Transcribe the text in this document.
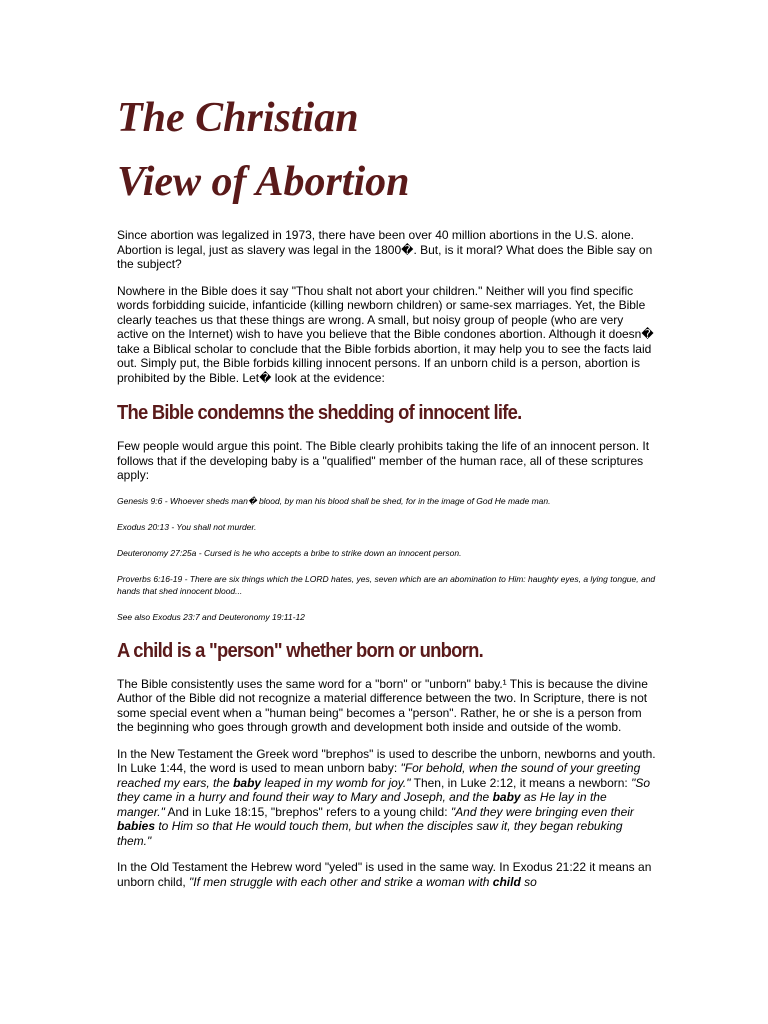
The Christian
View of Abortion

Since abortion was legalized in 1973, there have been over 40 million abortions in the U.S. alone. Abortion is legal, just as slavery was legal in the 1800�. But, is it moral? What does the Bible say on the subject?

Nowhere in the Bible does it say "Thou shalt not abort your children." Neither will you find specific words forbidding suicide, infanticide (killing newborn children) or same-sex marriages. Yet, the Bible clearly teaches us that these things are wrong. A small, but noisy group of people (who are very active on the Internet) wish to have you believe that the Bible condones abortion. Although it doesn� take a Biblical scholar to conclude that the Bible forbids abortion, it may help you to see the facts laid out. Simply put, the Bible forbids killing innocent persons. If an unborn child is a person, abortion is prohibited by the Bible. Let� look at the evidence:

The Bible condemns the shedding of innocent life.

Few people would argue this point. The Bible clearly prohibits taking the life of an innocent person. It follows that if the developing baby is a "qualified" member of the human race, all of these scriptures apply:

Genesis 9:6 - Whoever sheds man� blood, by man his blood shall be shed, for in the image of God He made man.

Exodus 20:13 - You shall not murder.

Deuteronomy 27:25a - Cursed is he who accepts a bribe to strike down an innocent person.

Proverbs 6:16-19 - There are six things which the LORD hates, yes, seven which are an abomination to Him: haughty eyes, a lying tongue, and hands that shed innocent blood...

See also Exodus 23:7 and Deuteronomy 19:11-12

A child is a "person" whether born or unborn.

The Bible consistently uses the same word for a "born" or "unborn" baby.¹ This is because the divine Author of the Bible did not recognize a material difference between the two. In Scripture, there is not some special event when a "human being" becomes a "person". Rather, he or she is a person from the beginning who goes through growth and development both inside and outside of the womb.

In the New Testament the Greek word "brephos" is used to describe the unborn, newborns and youth. In Luke 1:44, the word is used to mean unborn baby: "For behold, when the sound of your greeting reached my ears, the baby leaped in my womb for joy." Then, in Luke 2:12, it means a newborn: "So they came in a hurry and found their way to Mary and Joseph, and the baby as He lay in the manger." And in Luke 18:15, "brephos" refers to a young child: "And they were bringing even their babies to Him so that He would touch them, but when the disciples saw it, they began rebuking them."

In the Old Testament the Hebrew word "yeled" is used in the same way. In Exodus 21:22 it means an unborn child, "If men struggle with each other and strike a woman with child so
